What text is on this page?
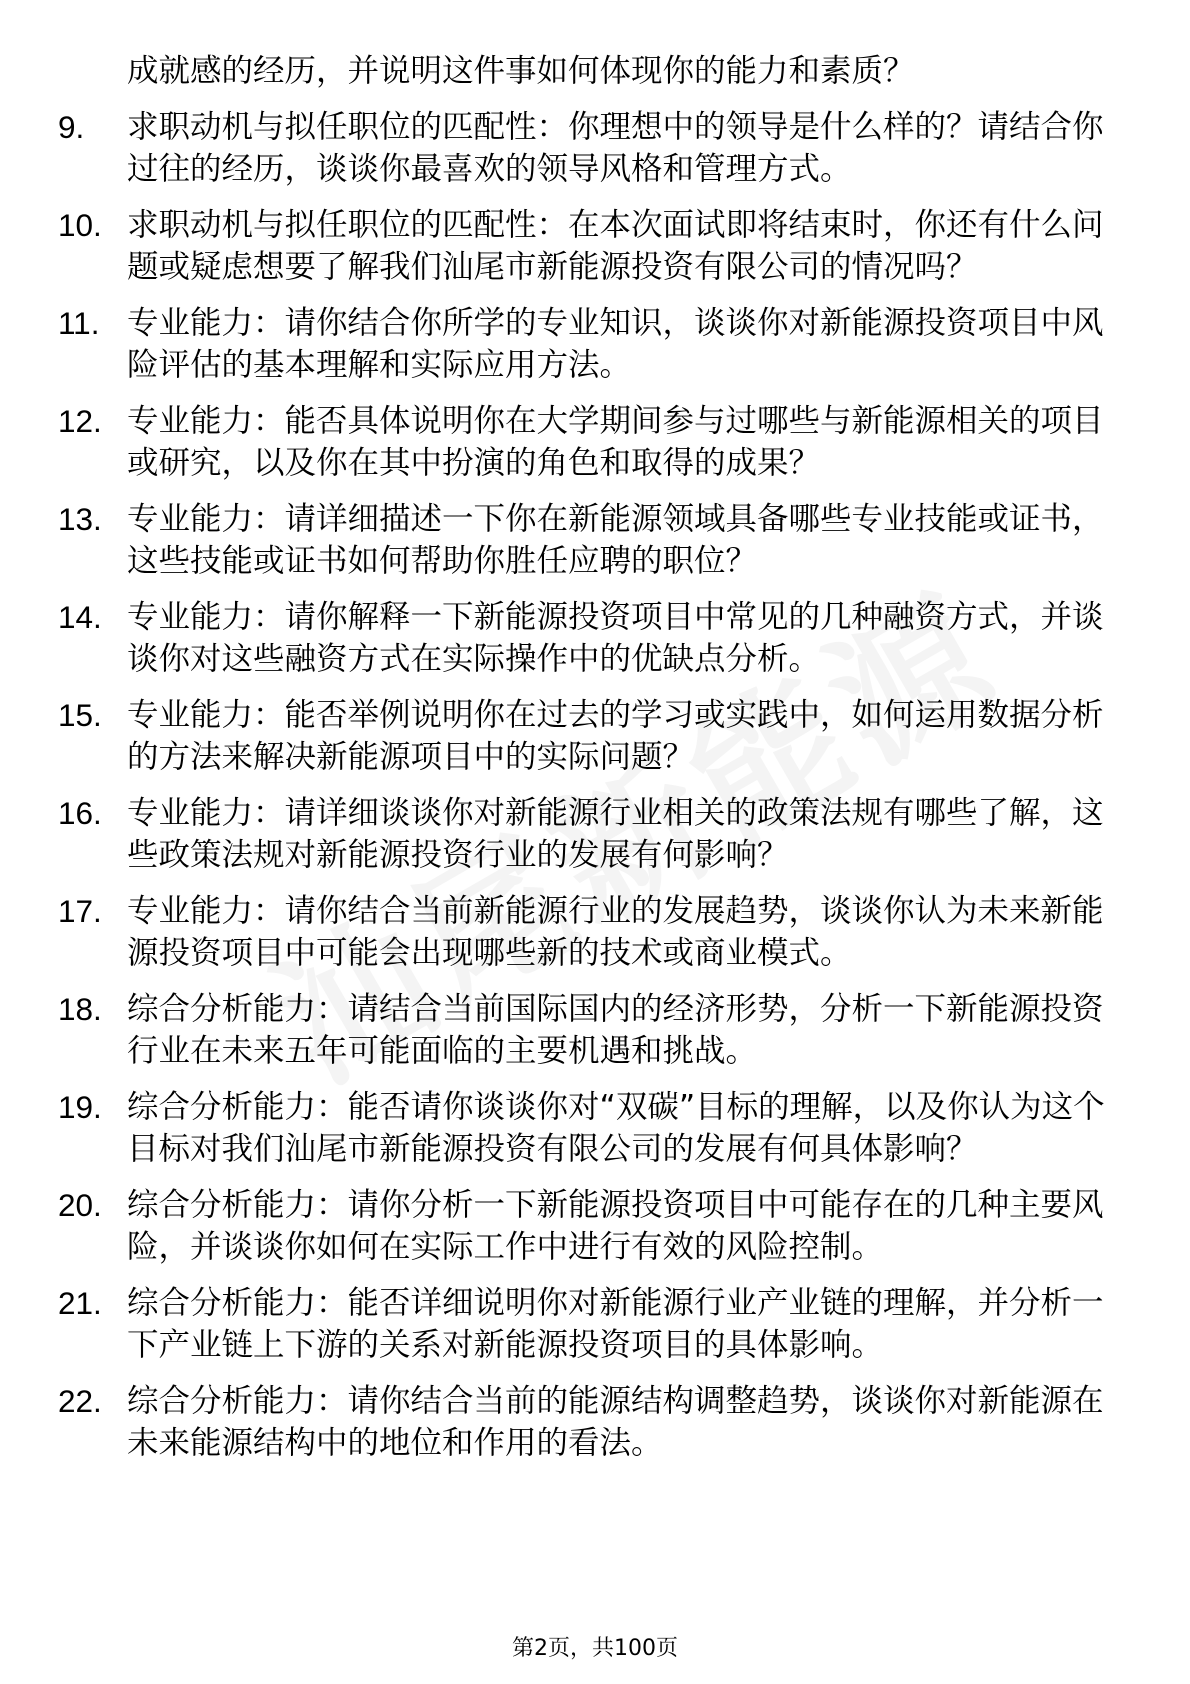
成就感的经历，并说明这件事如何体现你的能力和素质？
9.	求职动机与拟任职位的匹配性：你理想中的领导是什么样的？请结合你过往的经历，谈谈你最喜欢的领导风格和管理方式。
10. 求职动机与拟任职位的匹配性：在本次面试即将结束时，你还有什么问题或疑虑想要了解我们汕尾市新能源投资有限公司的情况吗？
11. 专业能力：请你结合你所学的专业知识，谈谈你对新能源投资项目中风险评估的基本理解和实际应用方法。
12. 专业能力：能否具体说明你在大学期间参与过哪些与新能源相关的项目或研究，以及你在其中扮演的角色和取得的成果？
13. 专业能力：请详细描述一下你在新能源领域具备哪些专业技能或证书，这些技能或证书如何帮助你胜任应聘的职位？
14. 专业能力：请你解释一下新能源投资项目中常见的几种融资方式，并谈谈你对这些融资方式在实际操作中的优缺点分析。
15. 专业能力：能否举例说明你在过去的学习或实践中，如何运用数据分析的方法来解决新能源项目中的实际问题？
16. 专业能力：请详细谈谈你对新能源行业相关的政策法规有哪些了解，这些政策法规对新能源投资行业的发展有何影响？
17. 专业能力：请你结合当前新能源行业的发展趋势，谈谈你认为未来新能源投资项目中可能会出现哪些新的技术或商业模式。
18. 综合分析能力：请结合当前国际国内的经济形势，分析一下新能源投资行业在未来五年可能面临的主要机遇和挑战。
19. 综合分析能力：能否请你谈谈你对“双碳”目标的理解，以及你认为这个目标对我们汕尾市新能源投资有限公司的发展有何具体影响？
20. 综合分析能力：请你分析一下新能源投资项目中可能存在的几种主要风险，并谈谈你如何在实际工作中进行有效的风险控制。
21. 综合分析能力：能否详细说明你对新能源行业产业链的理解，并分析一下产业链上下游的关系对新能源投资项目的具体影响。
22. 综合分析能力：请你结合当前的能源结构调整趋势，谈谈你对新能源在未来能源结构中的地位和作用的看法。
第2页，共100页
